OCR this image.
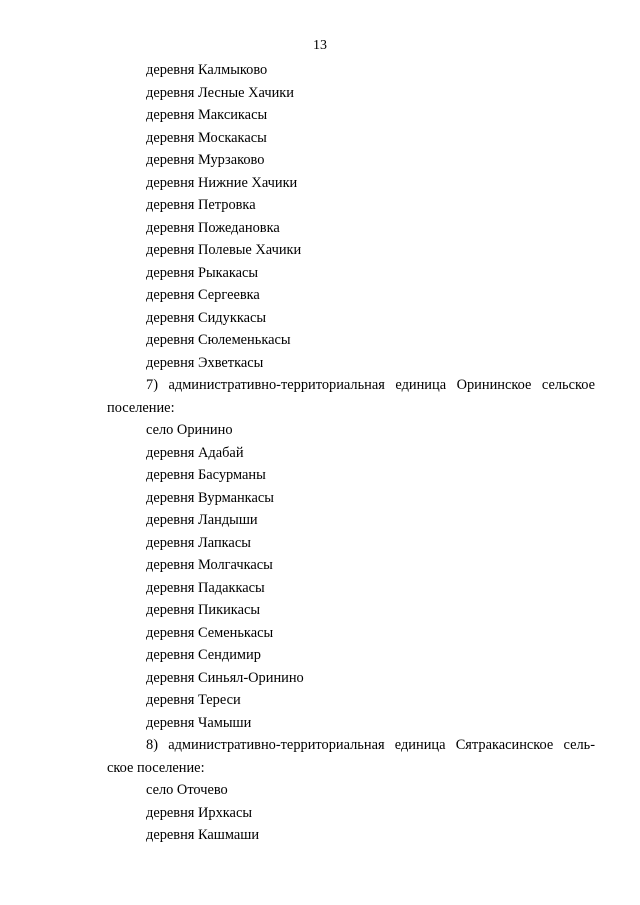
13
деревня Калмыково
деревня Лесные Хачики
деревня Максикасы
деревня Москакасы
деревня Мурзаково
деревня Нижние Хачики
деревня Петровка
деревня Пожедановка
деревня Полевые Хачики
деревня Рыкакасы
деревня Сергеевка
деревня Сидуккасы
деревня Сюлеменькасы
деревня Эхветкасы
7) административно-территориальная единица Орининское сельское
поселение:
село Оринино
деревня Адабай
деревня Басурманы
деревня Вурманкасы
деревня Ландыши
деревня Лапкасы
деревня Молгачкасы
деревня Падаккасы
деревня Пикикасы
деревня Семенькасы
деревня Сендимир
деревня Синьял-Оринино
деревня Тереси
деревня Чамыши
8) административно-территориальная единица Сятракасинское сель-
ское поселение:
село Оточево
деревня Ирхкасы
деревня Кашмаши
